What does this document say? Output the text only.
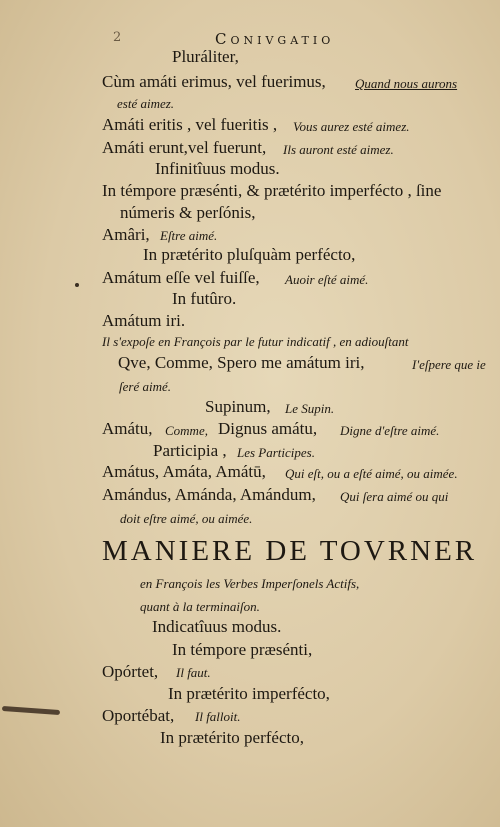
2	Conivgatio
Pluráliter,
Cùm amáti erimus, vel fuerimus, Quand nous aurons
esté aimez.
Amáti eritis , vel fueritis , Vous aurez esté aimez.
Amáti erunt,vel fuerunt, Ils auront esté aimez.
Infinitîuus modus.
In témpore præsénti, & prætérito imperfécto , ſine
númeris & perſónis,
Amâri, Eſtre aimé.
In prætérito pluſquàm perfécto,
Amátum eſſe vel fuiſſe, Auoir eſté aimé.
In futûro.
Amátum iri.
Il s'expoſe en François par le futur indicatif , en adiouſtant
Qve, Comme, Spero me amátum iri,	I'eſpere que ie
ſeré aimé.
Supinum, Le Supin.
Amátu, Comme, Dignus amátu, Digne d'eſtre aimé.
Participia , Les Participes.
Amátus, Amáta, Amátū, Qui eſt, ou a eſté aimé, ou aimée.
Amándus, Amánda, Amándum, Qui ſera aimé ou qui
doit eſtre aimé, ou aimée.
MANIERE DE TOVRNER
en François les Verbes Imperſonels Actifs,
quant à la terminaiſon.
Indicatîuus modus.
In témpore præsénti,
Opórtet, Il faut.
In prætérito imperfécto,
Oportébat, Il falloit.
In prætérito perfécto,
